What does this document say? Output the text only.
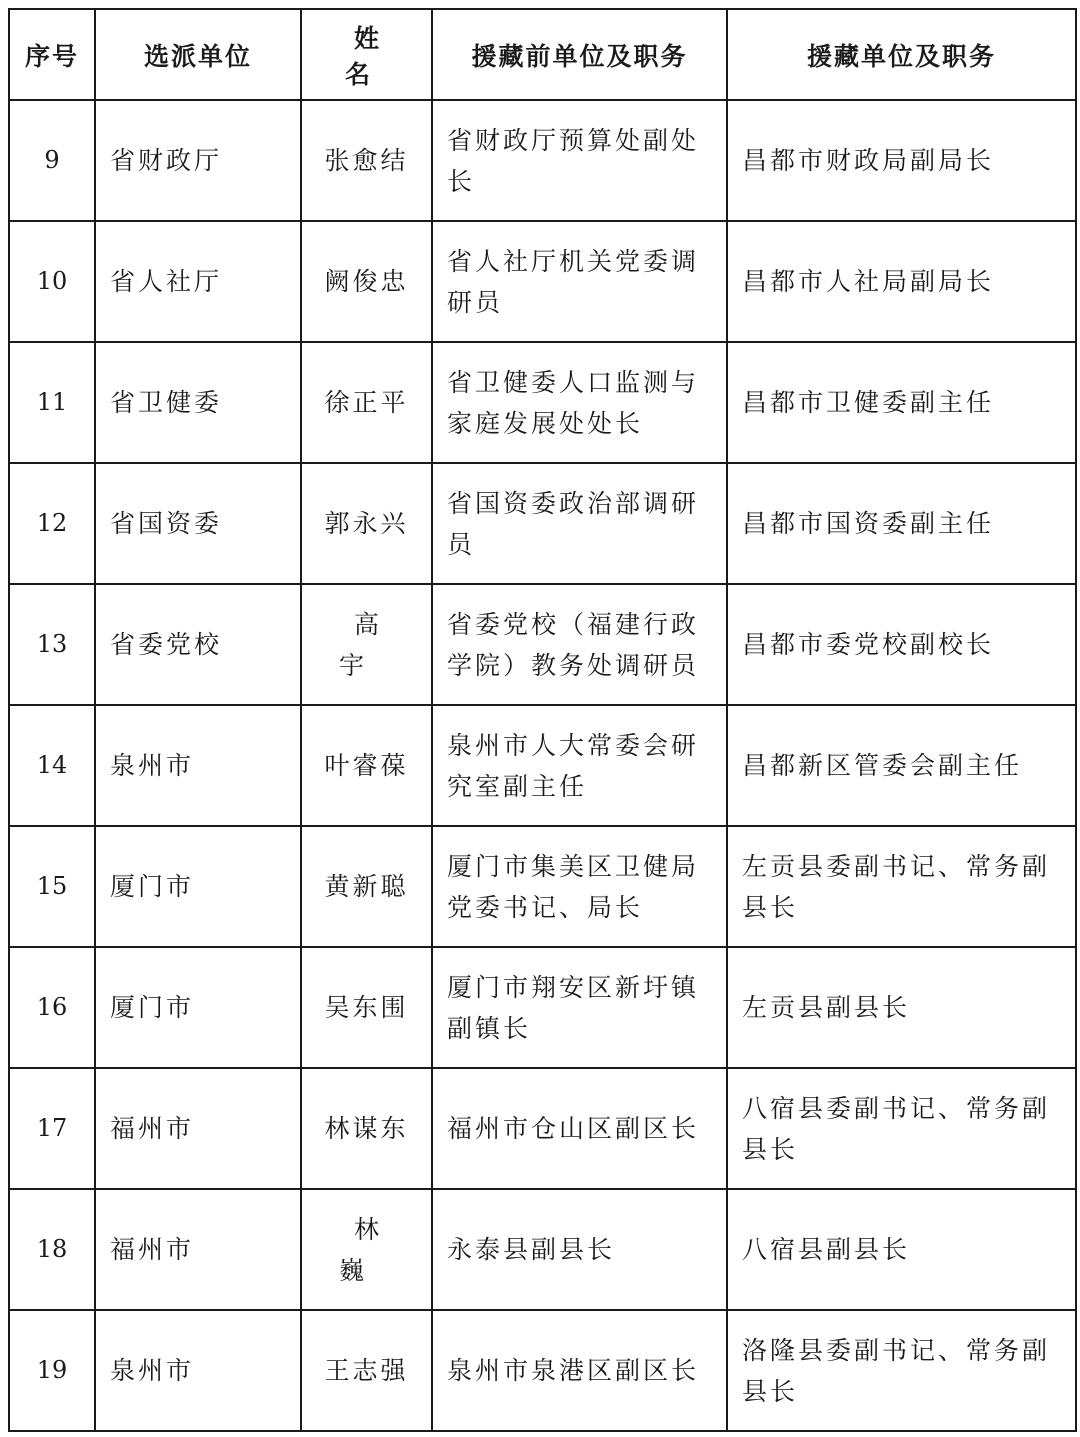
序号	选派单位	姓 名	援藏前单位及职务	援藏单位及职务
9	省财政厅	张愈结	省财政厅预算处副处长	昌都市财政局副局长
10	省人社厅	阙俊忠	省人社厅机关党委调研员	昌都市人社局副局长
11	省卫健委	徐正平	省卫健委人口监测与家庭发展处处长	昌都市卫健委副主任
12	省国资委	郭永兴	省国资委政治部调研员	昌都市国资委副主任
13	省委党校	高宇	省委党校（福建行政学院）教务处调研员	昌都市委党校副校长
14	泉州市	叶睿葆	泉州市人大常委会研究室副主任	昌都新区管委会副主任
15	厦门市	黄新聪	厦门市集美区卫健局党委书记、局长	左贡县委副书记、常务副县长
16	厦门市	吴东围	厦门市翔安区新圩镇副镇长	左贡县副县长
17	福州市	林谋东	福州市仓山区副区长	八宿县委副书记、常务副县长
18	福州市	林巍	永泰县副县长	八宿县副县长
19	泉州市	王志强	泉州市泉港区副区长	洛隆县委副书记、常务副县长
